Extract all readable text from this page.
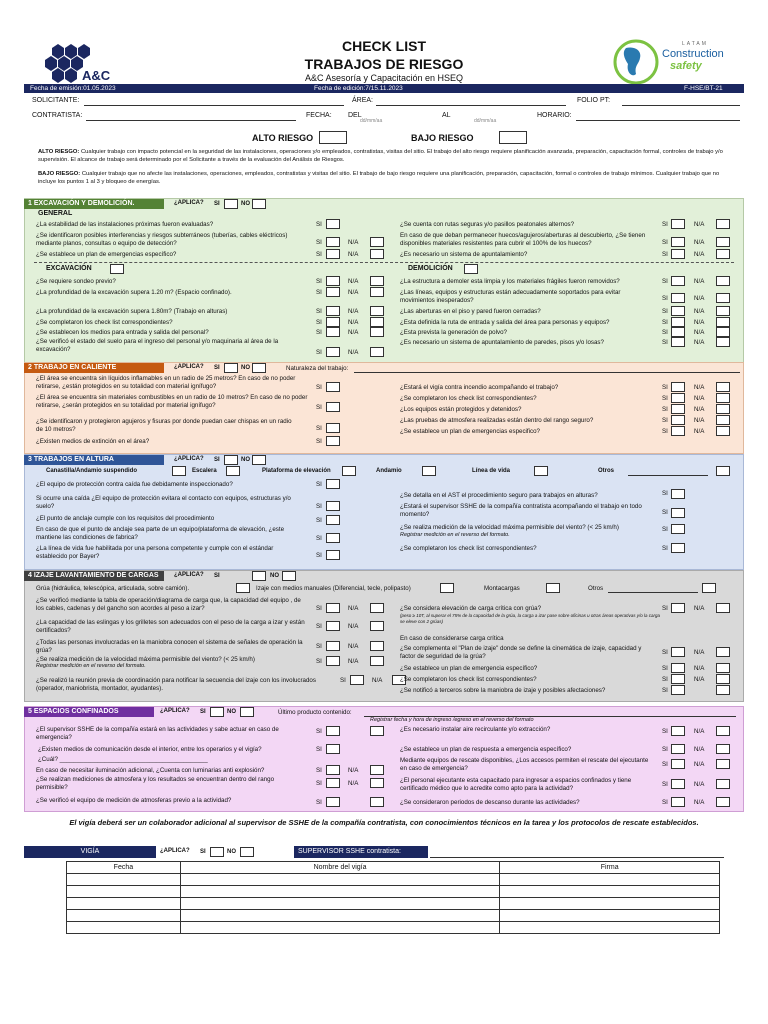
A&C
CHECK LIST
TRABAJOS DE RIESGO
A&C Asesoría y Capacitación en HSEQ
LATAM
Construction
safety
Fecha de emisión:01.05.2023	Fecha de edición:7/15.11.2023	F-HSE/BT-21
SOLICITANTE:	ÁREA:	FOLIO PT:
CONTRATISTA:	FECHA: DEL
dd/mm/aa
AL
dd/mm/aa
HORARIO:
ALTO RIESGO	BAJO RIESGO
ALTO RIESGO: Cualquier trabajo con impacto potencial en la seguridad de las instalaciones, operaciones y/o empleados, contratistas, visitas del sitio. El trabajo del alto riesgo requiere planificación avanzada, preparación, capacitación formal, controles de trabajo y/o supervisión. El alcance de trabajo será determinado por el Solicitante a través de la evaluación del Análisis de Riesgos.
BAJO RIESGO: Cualquier trabajo que no afecte las instalaciones, operaciones, empleados, contratistas y visitas del sitio. El trabajo de bajo riesgo requiere una planificación, preparación, capacitación, formal o controles de trabajo mínimos. Cualquier trabajo que no incluye los puntos 1 al 3 y bloqueo de energías.
1 EXCAVACIÓN Y DEMOLICIÓN.	¿APLICA? SI	NO
GENERAL
¿La estabilidad de las instalaciones próximas fueron evaluadas?	SI
¿Se identificaron posibles interferencias y riesgos subterráneos (tuberías, cables eléctricos) mediante planos, consultas o equipo de detección?	SI	N/A
¿Se establece un plan de emergencias específico?	SI	N/A
¿Se cuenta con rutas seguras y/o pasillos peatonales alternos?	SI	N/A
En caso de que deban permanecer huecos/agujeros/aberturas al descubierto, ¿Se tienen disponibles materiales resistentes para cubrir el 100% de los huecos?	SI	N/A
¿Es necesario un sistema de apuntalamiento?	SI	N/A
EXCAVACIÓN	DEMOLICIÓN
¿Se requiere sondeo previo?	SI	N/A
¿La profundidad de la excavación supera 1.20 m? (Espacio confinado).	SI	N/A
¿La profundidad de la excavación supera 1.80m? (Trabajo en alturas)	SI	N/A
¿Se completaron los check list correspondientes?	SI	N/A
¿Se establecen los medios para entrada y salida del personal?	SI	N/A
¿Se verificó el estado del suelo para el ingreso del personal y/o maquinaria al área de la excavación?	SI	N/A
¿La estructura a demoler esta limpia y los materiales frágiles fueron removidos?	SI	N/A
¿Las líneas, equipos y estructuras están adecuadamente soportados para evitar movimientos inesperados?	SI	N/A
¿Las aberturas en el piso y pared fueron cerradas?	SI	N/A
¿Esta definida la ruta de entrada y salida del área para personas y equipos?	SI	N/A
¿Esta prevista la generación de polvo?	SI	N/A
¿Es necesario un sistema de apuntalamiento de paredes, pisos y/o losas?	SI	N/A
2 TRABAJO EN CALIENTE	¿APLICA? SI	NO	Naturaleza del trabajo:
¿El área se encuentra sin líquidos inflamables en un radio de 25 metros? En caso de no poder retirarse, ¿están protegidos en su totalidad con material ignífugo?	SI
¿El área se encuentra sin materiales combustibles en un radio de 10 metros? En caso de no poder retirarse, ¿serán protegidos en su totalidad por material ignífugo?	SI
¿Se identificaron y protegieron agujeros y fisuras por donde puedan caer chispas en un radio de 10 metros?	SI
¿Existen medios de extinción en el área?	SI
¿Estará el vigía contra incendio acompañando el trabajo?	SI	N/A
¿Se completaron los check list correspondientes?	SI	N/A
¿Los equipos están protegidos y detenidos?	SI	N/A
¿Las pruebas de atmosfera realizadas están dentro del rango seguro?	SI	N/A
¿Se establece un plan de emergencias especifico?	SI	N/A
3 TRABAJOS EN ALTURA	¿APLICA? SI	NO
Canastilla/Andamio suspendido	Escalera	Plataforma de elevación	Andamio	Línea de vida	Otros
¿El equipo de protección contra caída fue debidamente inspeccionado?	SI
Si ocurre una caída ¿El equipo de protección evitara el contacto con equipos, estructuras y/o suelo?	SI
¿El punto de anclaje cumple con los requisitos del procedimiento	SI
En caso de que el punto de anclaje sea parte de un equipo/plataforma de elevación, ¿este mantiene las condiciones de fabrica?	SI
¿La línea de vida fue habilitada por una persona competente y cumple con el estándar establecido por Bayer?	SI
¿Se detalla en el AST el procedimiento seguro para trabajos en alturas?	SI
¿Estará el supervisor SSHE de la compañía contratista acompañando el trabajo en todo momento?	SI
¿Se realiza medición de la velocidad máxima permisible del viento? (< 25 km/h)
Registrar medición en el reverso del formato.
SI
¿Se completaron los check list correspondientes?	SI
4 IZAJE LAVANTAMIENTO DE CARGAS	¿APLICA? SI	NO
Grúa (hidráulica, telescópica, articulada, sobre camión).	Izaje con medios manuales (Diferencial, tecle, polipasto)	Montacargas	Otros
¿Se verificó mediante la tabla de operación/diagrama de carga que, la capacidad del equipo , de los cables, cadenas y del gancho son acordes al peso a izar?	SI	N/A
¿La capacidad de las eslingas y los grilletes son adecuados con el peso de la carga a izar y están certificados?
SI	N/A
¿Todas las personas involucradas en la maniobra conocen el sistema de señales de operación la grúa?
SI	N/A
¿Se realiza medición de la velocidad máxima permisible del viento? (< 25 km/h)
Registrar medición en el reverso del formato.
SI	N/A
¿Se realizó la reunión previa de coordinación para notificar la secuencia del izaje con los involucrados (operador, maniobrista, montador, ayudantes).
SI	N/A
¿Se considera elevación de carga crítica con grúa?
(peso ≥ 10T, al superar el 75% de la capacidad de la grúa, la carga a izar pase sobre oficinas u otras áreas operativas y/o la carga se eleve con 2 grúas)
SI	N/A
En caso de considerarse carga crítica
¿Se complementa el "Plan de izaje" donde se define la cinemática de izaje, capacidad y factor de seguridad de la grúa?
SI	N/A
¿Se establece un plan de emergencia específico?	SI	N/A
¿Se completaron los check list correspondientes?	SI	N/A
¿Se notificó a terceros sobre la maniobra de izaje y posibles afectaciones?	SI
5 ESPACIOS CONFINADOS	¿APLICA? SI	NO	Último producto contenido:
Registrar fecha y hora de ingreso /egreso en el reverso del formato
¿El supervisor SSHE de la compañía estará en las actividades y sabe actuar en caso de emergencia?
SI
¿Existen medios de comunicación desde el interior, entre los operarios y el vigía?	SI
¿Cuál? ___________________________________________
En caso de necesitar iluminación adicional, ¿Cuenta con luminarias anti explosión?	SI	N/A
¿Se realizan mediciones de atmosfera y los resultados se encuentran dentro del rango permisible?
SI	N/A
¿Se verificó el equipo de medición de atmosferas previo a la actividad?	SI
¿Es necesario instalar aire recirculante y/o extracción?	SI	N/A
¿Se establece un plan de respuesta a emergencia específico?	SI	N/A
Mediante equipos de rescate disponibles, ¿Los accesos permiten el rescate del ejecutante en caso de emergencia?
SI	N/A
¿El personal ejecutante esta capacitado para ingresar a espacios confinados y tiene certificado médico que lo acredite como apto para la actividad?
SI	N/A
¿Se consideraron periodos de descanso durante las actividades?	SI	N/A
El vigía deberá ser un colaborador adicional al supervisor de SSHE de la compañía contratista, con conocimientos técnicos en la tarea y los protocolos de rescate establecidos.
VIGÍA	¿APLICA? SI	NO	SUPERVISOR SSHE contratista:
Fecha	Nombre del vigía	Firma
